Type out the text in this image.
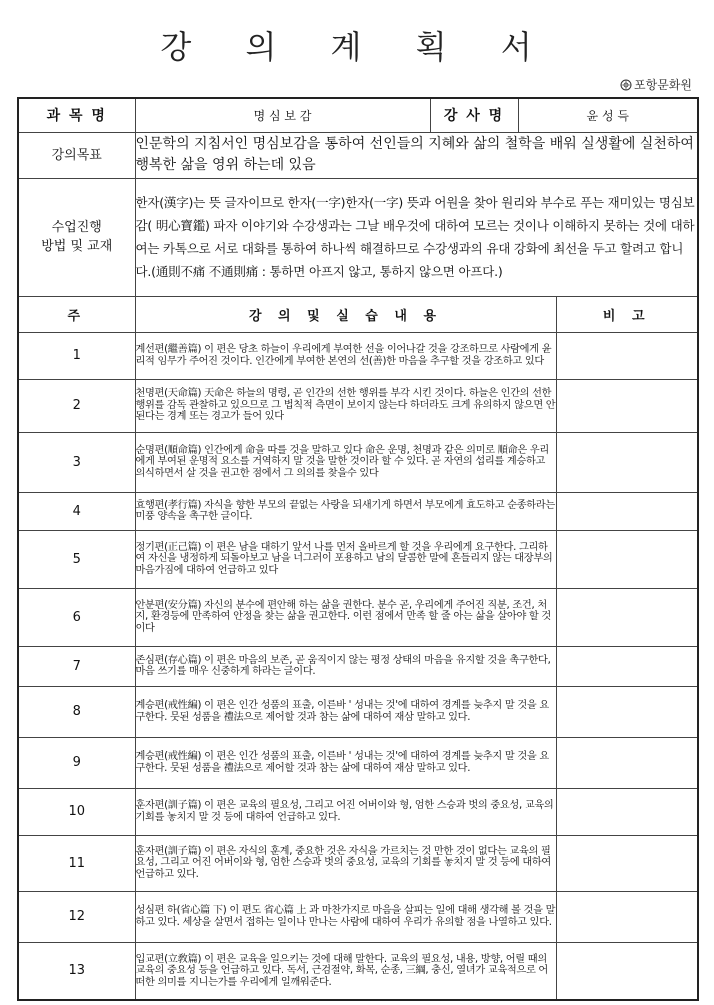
강 의 계 획 서
포항문화원
과 목 명	명 심 보 감	강 사 명	윤 성 득	
강의목표	인문학의 지침서인 명심보감을 통하여 선인들의 지혜와 삶의 철학을 배워 실생활에 실천하여 행복한 삶을 영위 하는데 있음			

수업진행
방법 및 교재	한자(漢字)는 뜻 글자이므로 한자(一字)한자(一字) 뜻과 어원을 찾아 원리와 부수로 푸는 재미있는 명심보감( 明心寶鑑) 파자 이야기와 수강생과는 그날 배우것에 대하여 모르는 것이나 이해하지 못하는 것에 대하여는 카톡으로 서로 대화를 통하여 하나씩 해결하므로 수강생과의 유대 강화에 최선을 두고 할려고 합니다.(通則不痛 不通則痛 : 통하면 아프지 않고, 통하지 않으면 아프다.)			
주	강 의 및 실 습 내 용			비 고
1	계선편(繼善篇) 이 편은 당초 하늘이 우리에게 부여한 선을 이어나갈 것을 강조하므로 사람에게 윤리적 임무가 주어진 것이다. 인간에게 부여한 본연의 선(善)한 마음을 추구할 것을 강조하고 있다			
2	천명편(天命篇) 天命은 하늘의 명령, 곧 인간의 선한 행위를 부각 시킨 것이다. 하늘은 인간의 선한 행위를 감독 관찰하고 있으므로 그 법칙적 측면이 보이지 않는다 하더라도 크게 유의하지 않으면 안된다는 경계 또는 경고가 들어 있다			
3	순명편(順命篇) 인간에게 命을 따를 것을 말하고 있다 命은 운명, 천명과 같은 의미로 順命은 우리에게 부여된 운명적 요소를 거역하지 말 것을 말한 것이라 할 수 있다. 곧 자연의 섭리를 계승하고 의식하면서 살 것을 권고한 점에서 그 의의를 찾을수 있다			
4	효행편(孝行篇) 자식을 향한 부모의 끝없는 사랑을 되새기게 하면서 부모에게 효도하고 순종하라는 미풍 양속을 촉구한 글이다.			
5	정기편(正己篇) 이 편은 남을 대하기 앞서 나를 먼저 올바르게 할 것을 우리에게 요구한다. 그리하여 자신을 냉정하게 되돌아보고 남을 너그러이 포용하고 남의 달콤한 말에 흔들리지 않는 대장부의 마음가짐에 대하여 언급하고 있다			
6	안분편(安分篇) 자신의 분수에 편안해 하는 삶을 권한다. 분수 곧, 우리에게 주어진 직분, 조건, 처지, 환경등에 만족하여 안정을 찾는 삶을 권고한다. 이런 점에서 만족 할 줄 아는 삶을 살아야 할 것이다			
7	존심편(存心篇) 이 편은 마음의 보존, 곧 움직이지 않는 평정 상태의 마음을 유지할 것을 촉구한다, 마음 쓰기를 매우 신중하게 하라는 글이다.			
8	계승편(戒性編) 이 편은 인간 성품의 표출, 이른바 ' 성내는 것'에 대하여 경계를 늦추지 말 것을 요구한다. 뭇된 성품을 禮法으로 제어할 것과 참는 삶에 대하여 재삼 말하고 있다.			
9	계승편(戒性編) 이 편은 인간 성품의 표출, 이른바 ' 성내는 것'에 대하여 경계를 늦추지 말 것을 요구한다. 뭇된 성품을 禮法으로 제어할 것과 참는 삶에 대하여 재삼 말하고 있다.			
10	훈자편(訓子篇) 이 편은 교육의 필요성, 그리고 어진 어버이와 형, 엄한 스승과 벗의 중요성, 교육의 기회를 놓치지 말 것 등에 대하여 언급하고 있다.			
11	훈자편(訓子篇) 이 편은 자식의 훈계, 중요한 것은 자식을 가르치는 것 만한 것이 없다는 교육의 필요성, 그리고 어진 어버이와 형, 엄한 스승과 벗의 중요성, 교육의 기회를 놓치지 말 것 등에 대하여 언급하고 있다.			
12	성심편 하(省心篇 下) 이 편도 省心篇 上 과 마찬가지로 마음을 살피는 일에 대해 생각해 볼 것을 말하고 있다. 세상을 살면서 접하는 일이나 만나는 사람에 대하여 우리가 유의할 점을 나열하고 있다.			
13	입교편(立敎篇) 이 편은 교육을 일으키는 것에 대해 말한다. 교육의 필요성, 내용, 방향, 어릴 때의 교육의 중요성 등을 언급하고 있다. 독서, 근검절약, 화목, 순종, 三綱, 충신, 열녀가 교육적으로 어떠한 의미를 지니는가를 우리에게 일깨워준다.			
